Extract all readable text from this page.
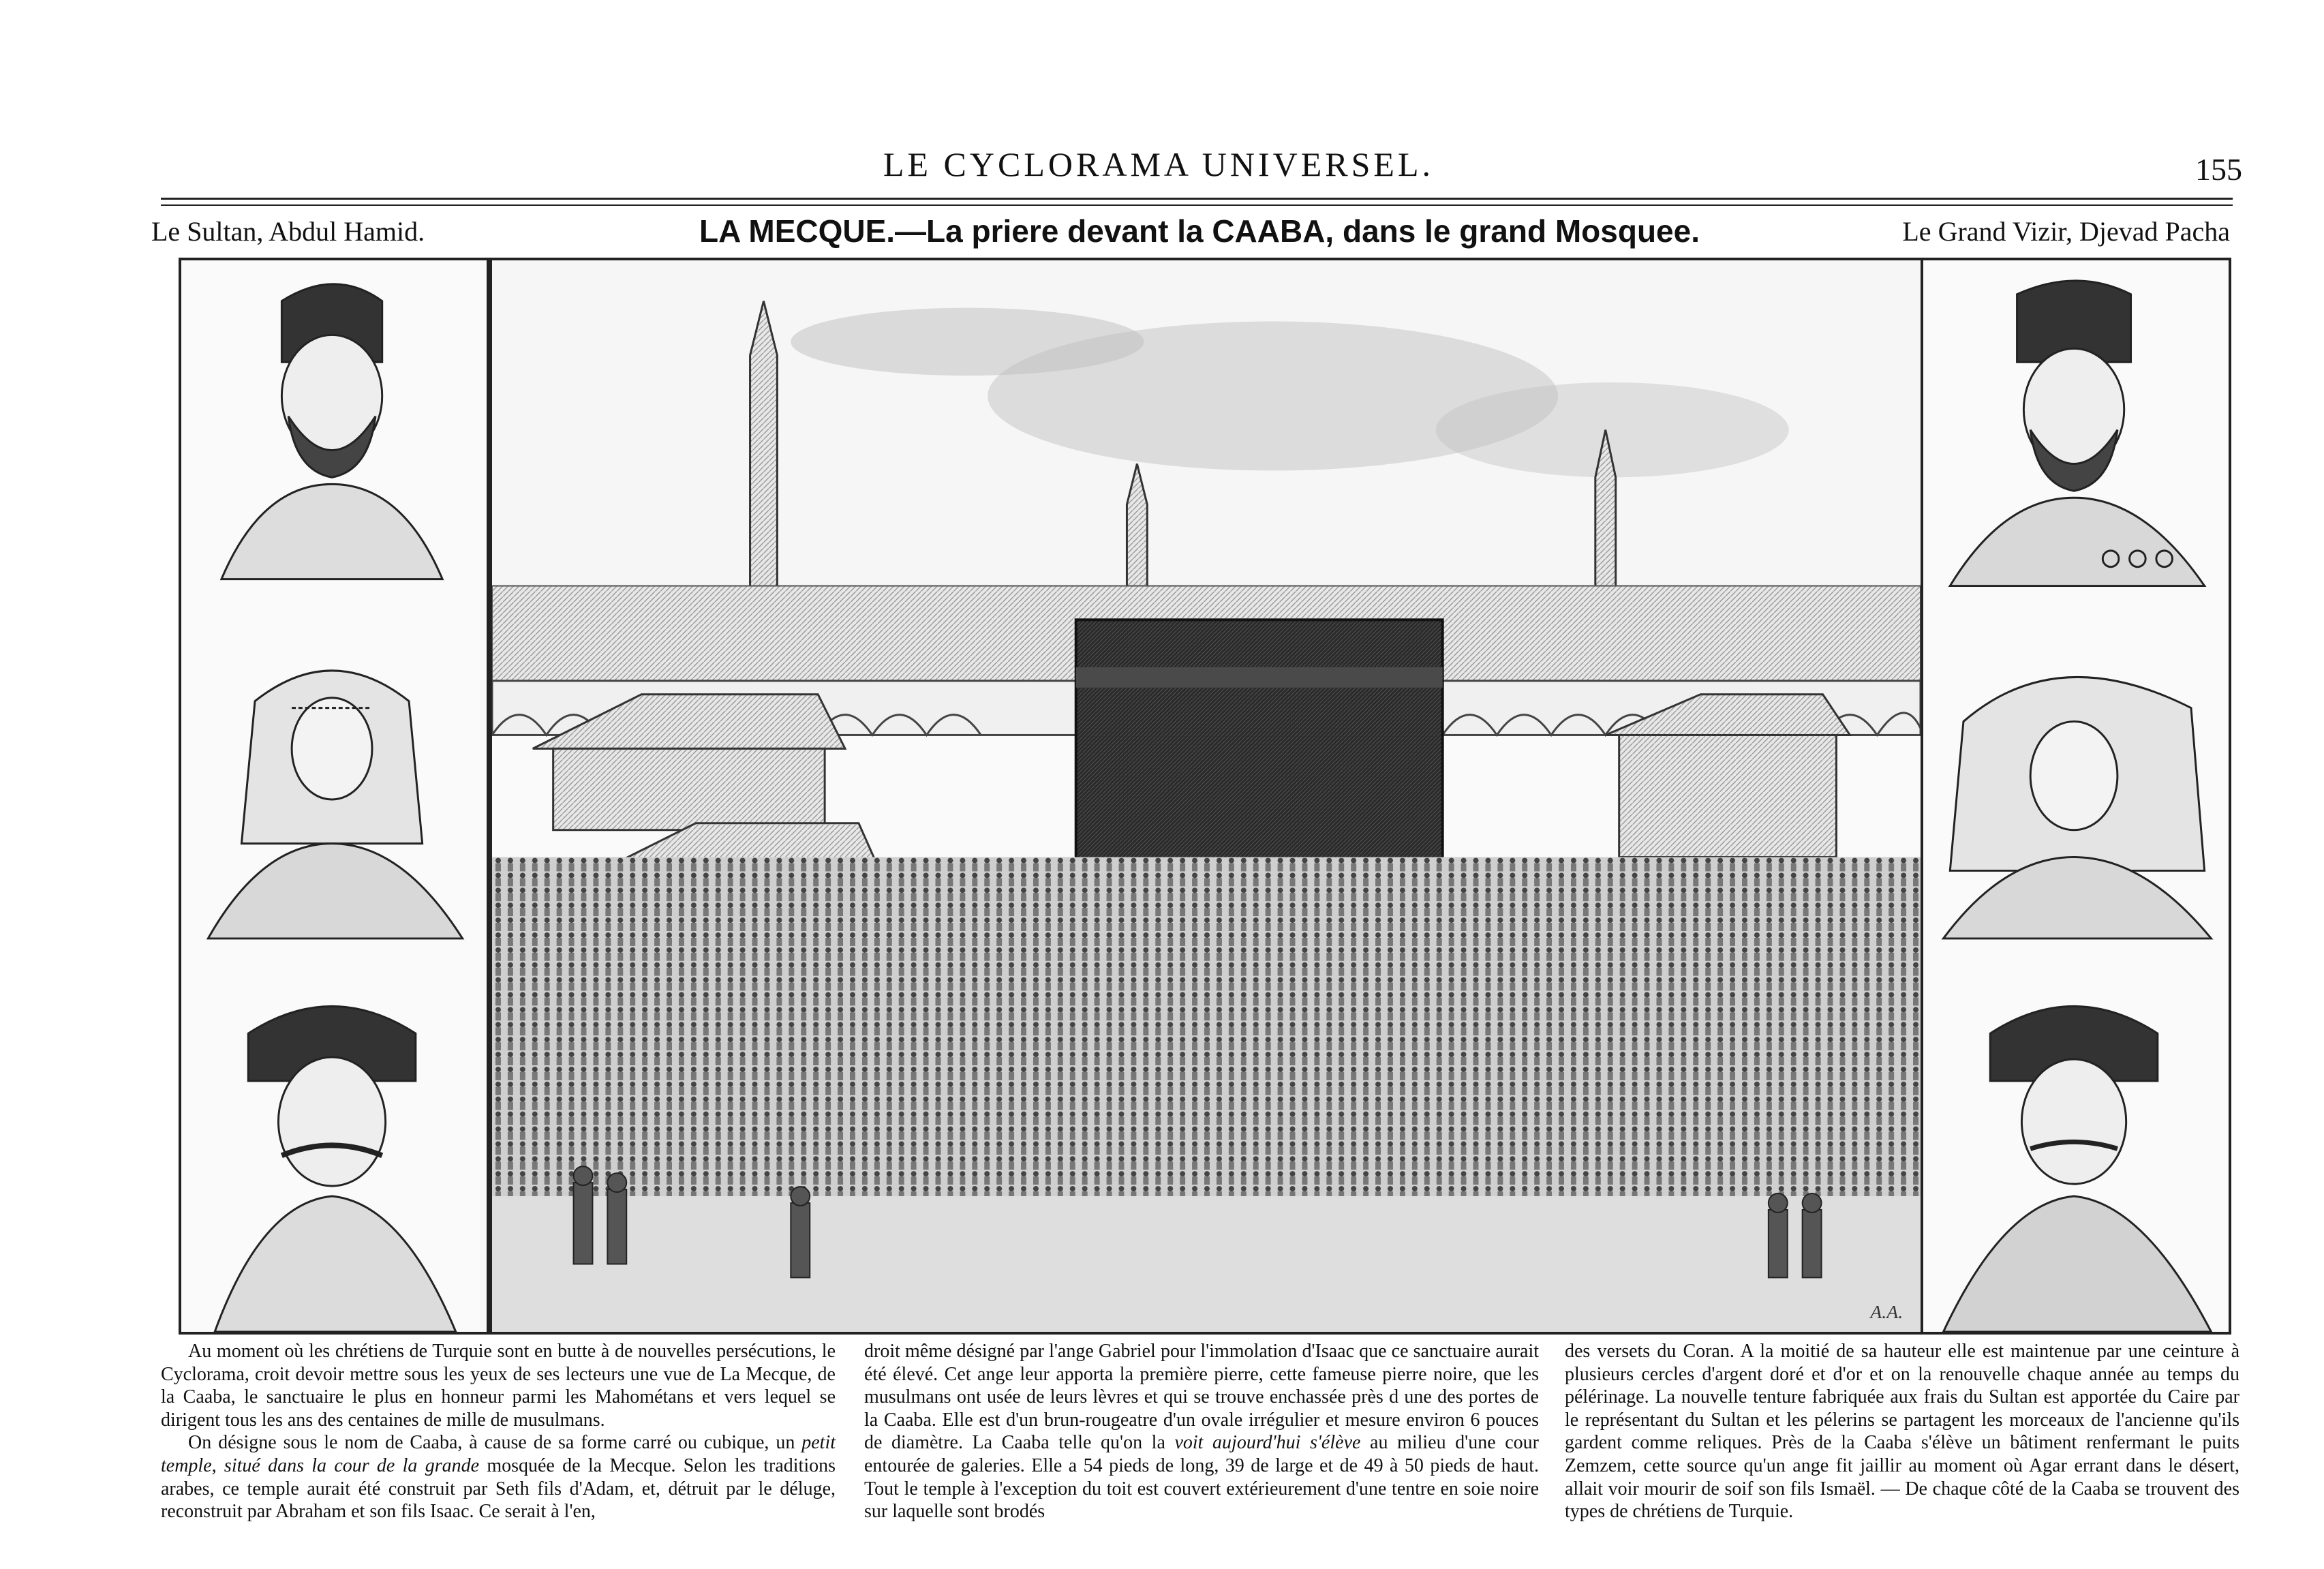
LE CYCLORAMA UNIVERSEL.	155
Le Sultan, Abdul Hamid.	LA MECQUE.—La priere devant la CAABA, dans le grand Mosquee.	Le Grand Vizir, Djevad Pacha
A.A.

Au moment où les chrétiens de Turquie sont en butte à de nouvelles persécutions, le Cyclorama, croit devoir mettre sous les yeux de ses lecteurs une vue de La Mecque, de la Caaba, le sanctuaire le plus en honneur parmi les Mahométans et vers lequel se dirigent tous les ans des centaines de mille de musulmans.

On désigne sous le nom de Caaba, à cause de sa forme carré ou cubique, un petit temple, situé dans la cour de la grande mosquée de la Mecque. Selon les traditions arabes, ce temple aurait été construit par Seth fils d'Adam, et, détruit par le déluge, reconstruit par Abraham et son fils Isaac. Ce serait à l'en,

droit même désigné par l'ange Gabriel pour l'immolation d'Isaac que ce sanctuaire aurait été élevé. Cet ange leur apporta la première pierre, cette fameuse pierre noire, que les musulmans ont usée de leurs lèvres et qui se trouve enchassée près d une des portes de la Caaba. Elle est d'un brun-rougeatre d'un ovale irrégulier et mesure environ 6 pouces de diamètre. La Caaba telle qu'on la voit aujourd'hui s'élève au milieu d'une cour entourée de galeries. Elle a 54 pieds de long, 39 de large et de 49 à 50 pieds de haut. Tout le temple à l'exception du toit est couvert extérieurement d'une tentre en soie noire sur laquelle sont brodés

des versets du Coran. A la moitié de sa hauteur elle est maintenue par une ceinture à plusieurs cercles d'argent doré et d'or et on la renouvelle chaque année au temps du pélérinage. La nouvelle tenture fabriquée aux frais du Sultan est apportée du Caire par le représentant du Sultan et les pélerins se partagent les morceaux de l'ancienne qu'ils gardent comme reliques. Près de la Caaba s'élève un bâtiment renfermant le puits Zemzem, cette source qu'un ange fit jaillir au moment où Agar errant dans le désert, allait voir mourir de soif son fils Ismaël. — De chaque côté de la Caaba se trouvent des types de chrétiens de Turquie.
